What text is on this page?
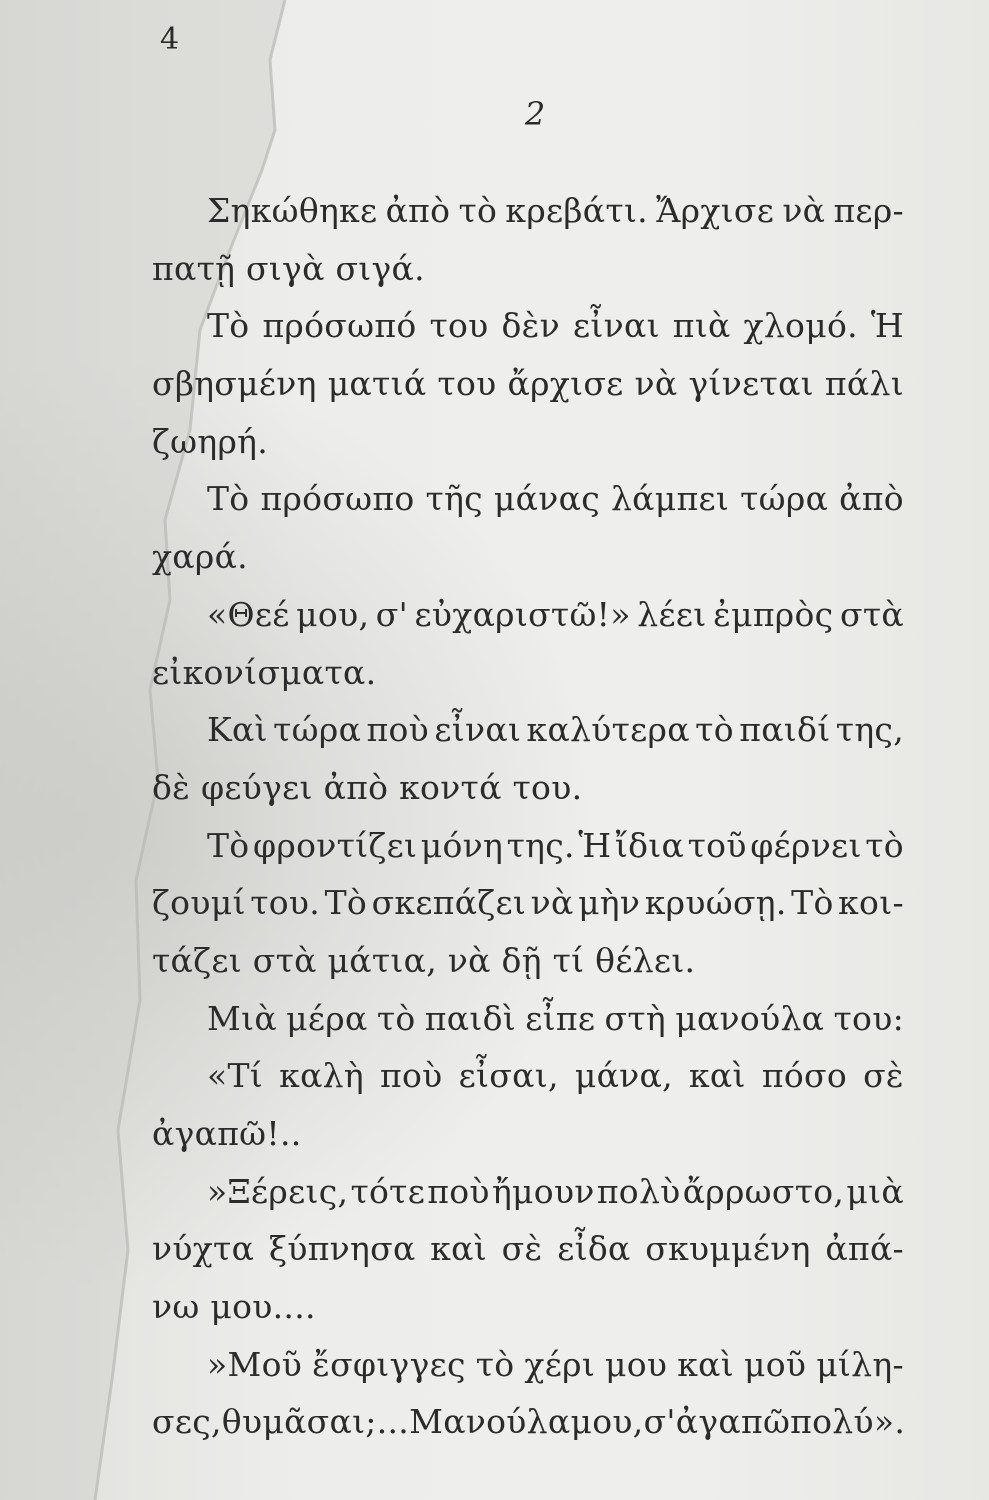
4
2
Σηκώθηκε ἀπὸ τὸ κρεβάτι. Ἄρχισε νὰ περ-
πατῇ σιγὰ σιγά.
Τὸ πρόσωπό του δὲν εἶναι πιὰ χλομό. Ἡ
σβησμένη ματιά του ἄρχισε νὰ γίνεται πάλι
ζωηρή.
Τὸ πρόσωπο τῆς μάνας λάμπει τώρα ἀπὸ
χαρά.
«Θεέ μου, σ' εὐχαριστῶ!» λέει ἐμπρὸς στὰ
εἰκονίσματα.
Καὶ τώρα ποὺ εἶναι καλύτερα τὸ παιδί της,
δὲ φεύγει ἀπὸ κοντά του.
Τὸ φροντίζει μόνη της. Ἡ ἴδια τοῦ φέρνει τὸ
ζουμί του. Τὸ σκεπάζει νὰ μὴν κρυώσῃ. Τὸ κοι-
τάζει στὰ μάτια, νὰ δῇ τί θέλει.
Μιὰ μέρα τὸ παιδὶ εἶπε στὴ μανούλα του:
«Τί καλὴ ποὺ εἶσαι, μάνα, καὶ πόσο σὲ
ἀγαπῶ!..
»Ξέρεις, τότε ποὺ ἤμουν πολὺ ἄρρωστο, μιὰ
νύχτα ξύπνησα καὶ σὲ εἶδα σκυμμένη ἀπά-
νω μου....
»Μοῦ ἔσφιγγες τὸ χέρι μου καὶ μοῦ μίλη-
σες, θυμᾶσαι;... Μανούλα μου, σ' ἀγαπῶ πολύ».
